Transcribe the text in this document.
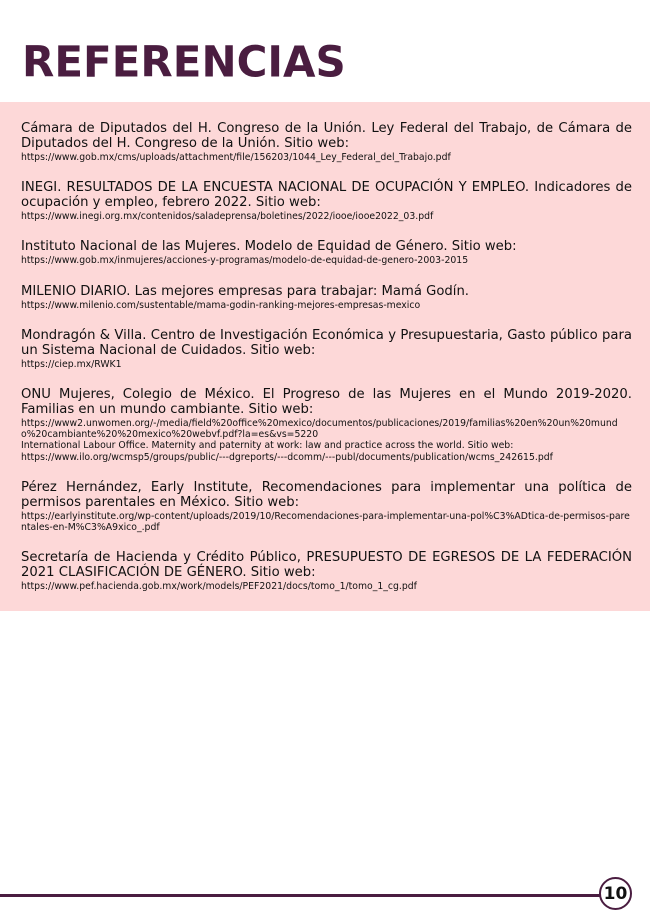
REFERENCIAS

Cámara de Diputados del H. Congreso de la Unión. Ley Federal del Trabajo, de Cámara de Diputados del H. Congreso de la Unión. Sitio web:

https://www.gob.mx/cms/uploads/attachment/file/156203/1044_Ley_Federal_del_Trabajo.pdf

INEGI. RESULTADOS DE LA ENCUESTA NACIONAL DE OCUPACIÓN Y EMPLEO. Indicadores de ocupación y empleo, febrero 2022. Sitio web:

https://www.inegi.org.mx/contenidos/saladeprensa/boletines/2022/iooe/iooe2022_03.pdf

Instituto Nacional de las Mujeres. Modelo de Equidad de Género. Sitio web:

https://www.gob.mx/inmujeres/acciones-y-programas/modelo-de-equidad-de-genero-2003-2015

MILENIO DIARIO. Las mejores empresas para trabajar: Mamá Godín.

https://www.milenio.com/sustentable/mama-godin-ranking-mejores-empresas-mexico

Mondragón & Villa. Centro de Investigación Económica y Presupuestaria, Gasto público para un Sistema Nacional de Cuidados. Sitio web:

https://ciep.mx/RWK1

ONU Mujeres, Colegio de México. El Progreso de las Mujeres en el Mundo 2019-2020. Familias en un mundo cambiante. Sitio web:

https://www2.unwomen.org/-/media/field%20office%20mexico/documentos/publicaciones/2019/familias%20en%20un%20mundo%20cambiante%20%20mexico%20webvf.pdf?la=es&vs=5220

International Labour Office. Maternity and paternity at work: law and practice across the world. Sitio web:

https://www.ilo.org/wcmsp5/groups/public/---dgreports/---dcomm/---publ/documents/publication/wcms_242615.pdf

Pérez Hernández, Early Institute, Recomendaciones para implementar una política de permisos parentales en México. Sitio web:

https://earlyinstitute.org/wp-content/uploads/2019/10/Recomendaciones-para-implementar-una-pol%C3%ADtica-de-permisos-parentales-en-M%C3%A9xico_.pdf

Secretaría de Hacienda y Crédito Público, PRESUPUESTO DE EGRESOS DE LA FEDERACIÓN 2021 CLASIFICACIÓN DE GÉNERO. Sitio web:

https://www.pef.hacienda.gob.mx/work/models/PEF2021/docs/tomo_1/tomo_1_cg.pdf

10
